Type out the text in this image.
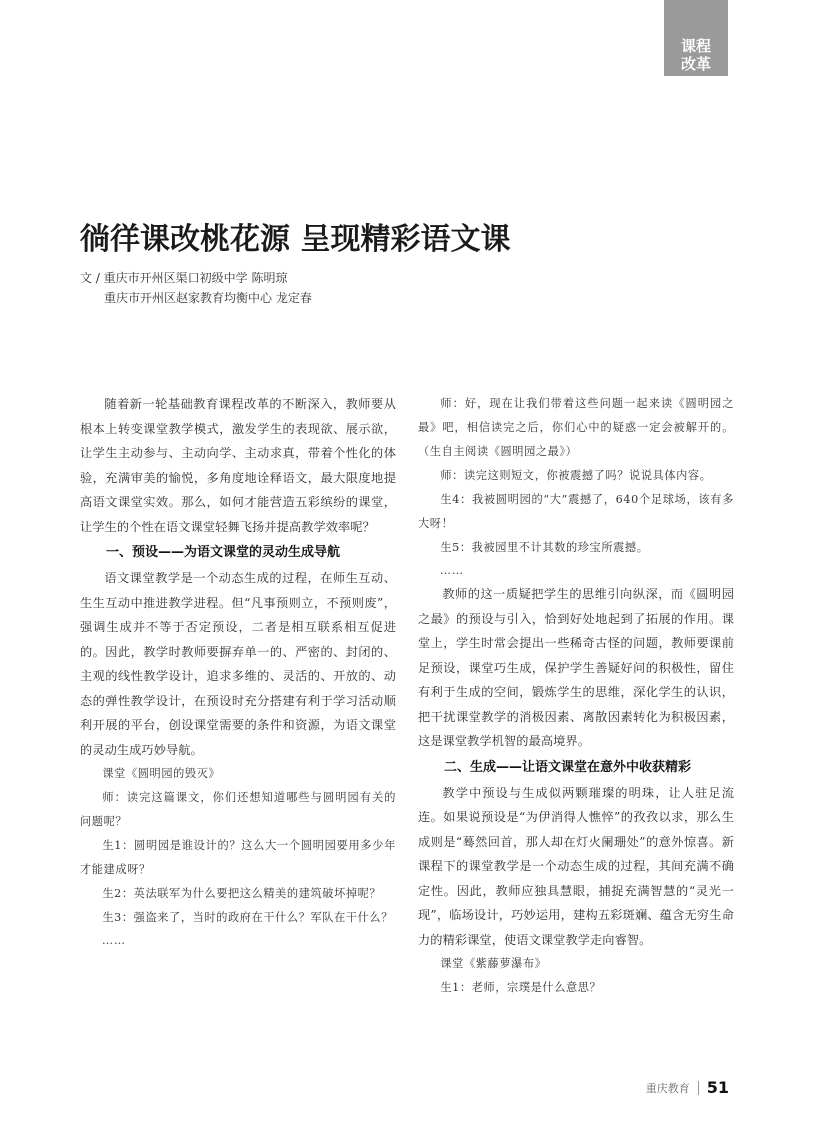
课程
改革
徜徉课改桃花源 呈现精彩语文课
文 / 重庆市开州区渠口初级中学 陈明琼
重庆市开州区赵家教育均衡中心 龙定春

随着新一轮基础教育课程改革的不断深入，教师要从根本上转变课堂教学模式，激发学生的表现欲、展示欲，让学生主动参与、主动向学、主动求真，带着个性化的体验，充满审美的愉悦，多角度地诠释语文，最大限度地提高语文课堂实效。那么，如何才能营造五彩缤纷的课堂，让学生的个性在语文课堂轻舞飞扬并提高教学效率呢？

一、预设——为语文课堂的灵动生成导航

语文课堂教学是一个动态生成的过程，在师生互动、生生互动中推进教学进程。但“凡事预则立，不预则废”，强调生成并不等于否定预设，二者是相互联系相互促进的。因此，教学时教师要摒弃单一的、严密的、封闭的、主观的线性教学设计，追求多维的、灵活的、开放的、动态的弹性教学设计，在预设时充分搭建有利于学习活动顺利开展的平台，创设课堂需要的条件和资源，为语文课堂的灵动生成巧妙导航。

课堂《圆明园的毁灭》

师：读完这篇课文，你们还想知道哪些与圆明园有关的问题呢？

生1：圆明园是谁设计的？这么大一个圆明园要用多少年才能建成呀？

生2：英法联军为什么要把这么精美的建筑破坏掉呢？

生3：强盗来了，当时的政府在干什么？军队在干什么？

……

师：好，现在让我们带着这些问题一起来读《圆明园之最》吧，相信读完之后，你们心中的疑惑一定会被解开的。（生自主阅读《圆明园之最》）

师：读完这则短文，你被震撼了吗？说说具体内容。

生4：我被圆明园的“大”震撼了，640个足球场，该有多大呀！

生5：我被园里不计其数的珍宝所震撼。

……

教师的这一质疑把学生的思维引向纵深，而《圆明园之最》的预设与引入，恰到好处地起到了拓展的作用。课堂上，学生时常会提出一些稀奇古怪的问题，教师要课前足预设，课堂巧生成，保护学生善疑好问的积极性，留住有利于生成的空间，锻炼学生的思维，深化学生的认识，把干扰课堂教学的消极因素、离散因素转化为积极因素，这是课堂教学机智的最高境界。

二、生成——让语文课堂在意外中收获精彩

教学中预设与生成似两颗璀璨的明珠，让人驻足流连。如果说预设是“为伊消得人憔悴”的孜孜以求，那么生成则是“蓦然回首，那人却在灯火阑珊处”的意外惊喜。新课程下的课堂教学是一个动态生成的过程，其间充满不确定性。因此，教师应独具慧眼，捕捉充满智慧的“灵光一现”，临场设计，巧妙运用，建构五彩斑斓、蕴含无穷生命力的精彩课堂，使语文课堂教学走向睿智。

课堂《紫藤萝瀑布》

生1：老师，宗璞是什么意思？

重庆教育 51
